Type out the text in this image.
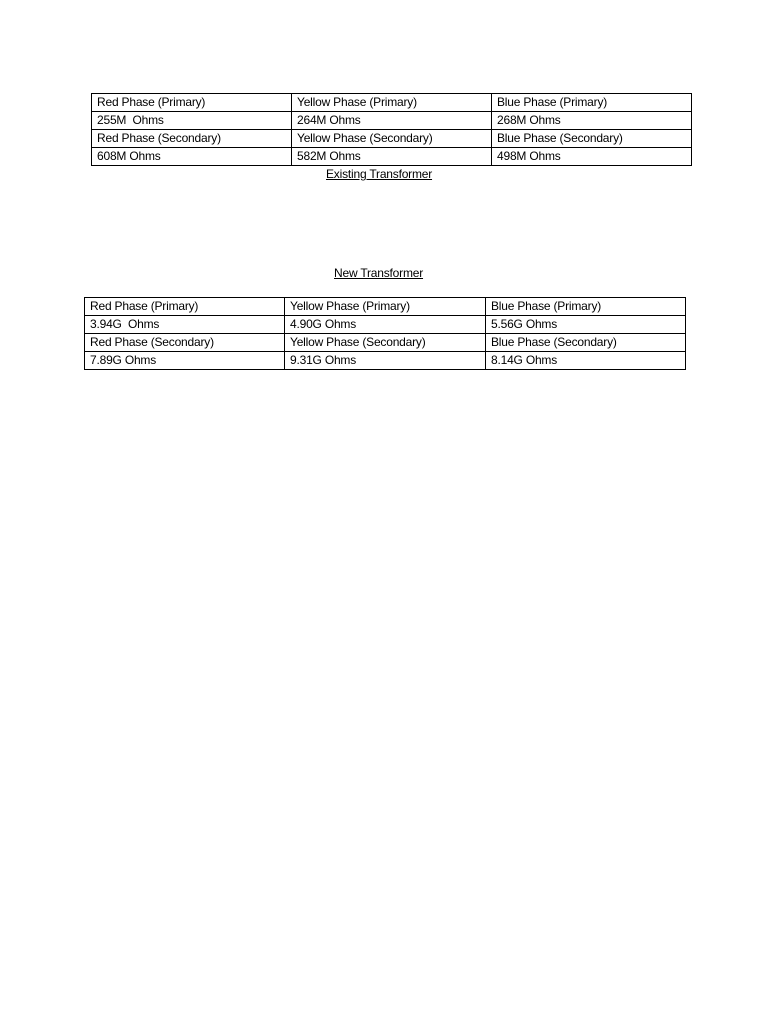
Red Phase (Primary)	Yellow Phase (Primary)	Blue Phase (Primary)
255M  Ohms	264M Ohms	268M Ohms
Red Phase (Secondary)	Yellow Phase (Secondary)	Blue Phase (Secondary)
608M Ohms	582M Ohms	498M Ohms
Existing Transformer
New Transformer
Red Phase (Primary)	Yellow Phase (Primary)	Blue Phase (Primary)
3.94G  Ohms	4.90G Ohms	5.56G Ohms
Red Phase (Secondary)	Yellow Phase (Secondary)	Blue Phase (Secondary)
7.89G Ohms	9.31G Ohms	8.14G Ohms
